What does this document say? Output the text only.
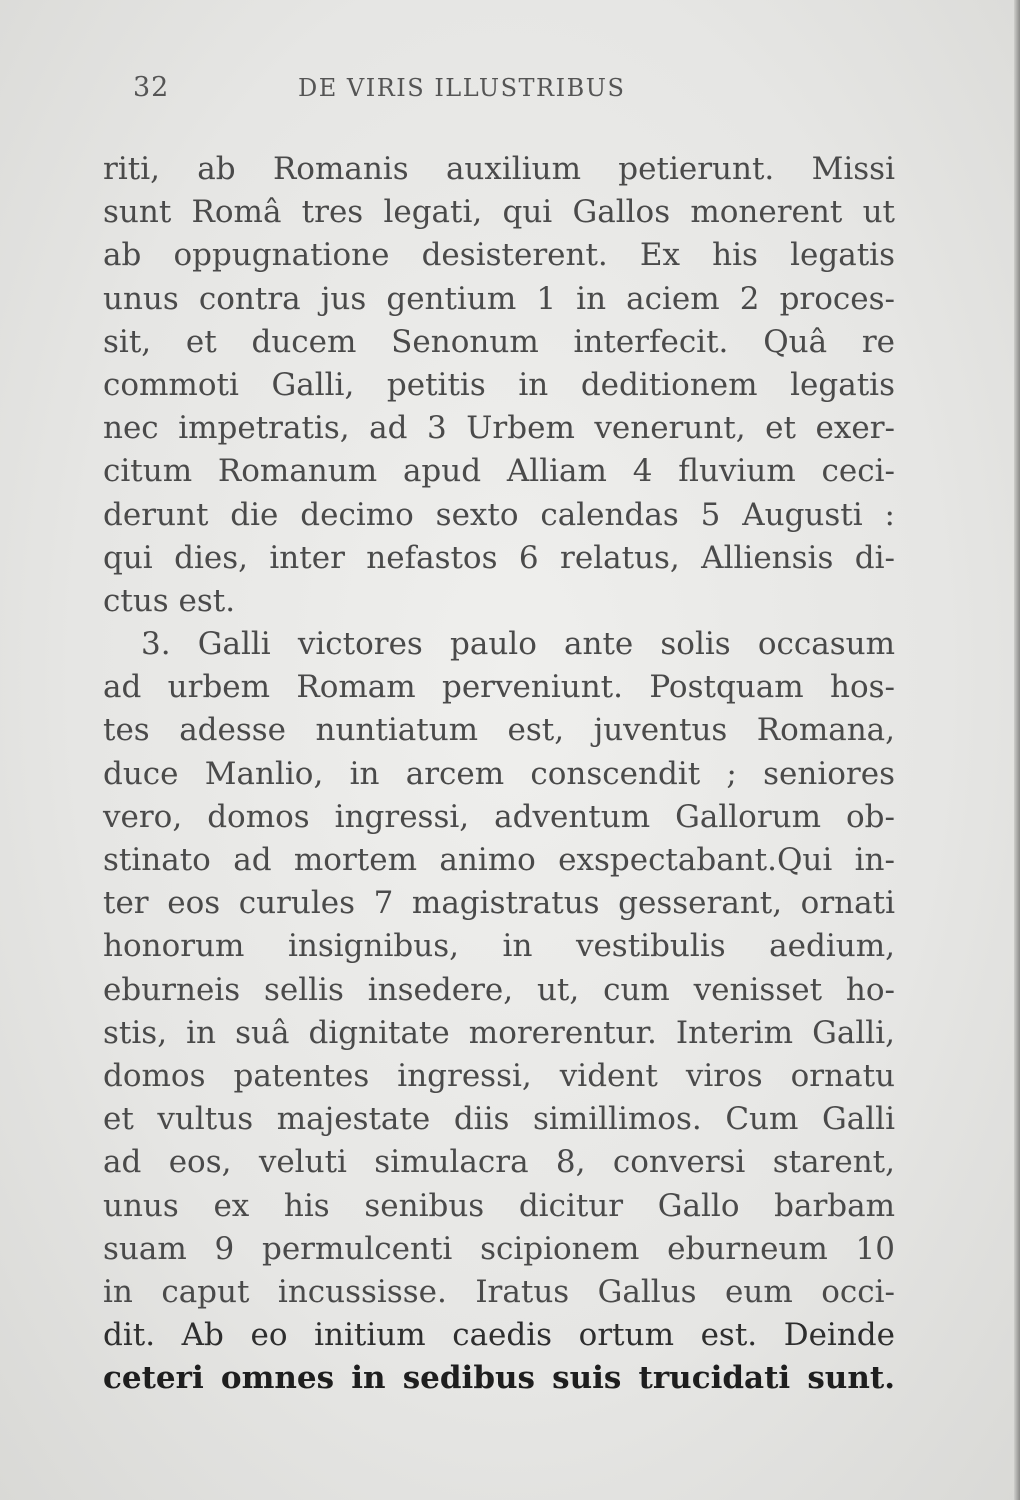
32	DE VIRIS ILLUSTRIBUS
riti, ab Romanis auxilium petierunt. Missi
sunt Româ tres legati, qui Gallos monerent ut
ab oppugnatione desisterent. Ex his legatis
unus contra jus gentium 1 in aciem 2 proces-
sit, et ducem Senonum interfecit. Quâ re
commoti Galli, petitis in deditionem legatis
nec impetratis, ad 3 Urbem venerunt, et exer-
citum Romanum apud Alliam 4 fluvium ceci-
derunt die decimo sexto calendas 5 Augusti :
qui dies, inter nefastos 6 relatus, Alliensis di-
ctus est.
3. Galli victores paulo ante solis occasum
ad urbem Romam perveniunt. Postquam hos-
tes adesse nuntiatum est, juventus Romana,
duce Manlio, in arcem conscendit ; seniores
vero, domos ingressi, adventum Gallorum ob-
stinato ad mortem animo exspectabant.Qui in-
ter eos curules 7 magistratus gesserant, ornati
honorum insignibus, in vestibulis aedium,
eburneis sellis insedere, ut, cum venisset ho-
stis, in suâ dignitate morerentur. Interim Galli,
domos patentes ingressi, vident viros ornatu
et vultus majestate diis simillimos. Cum Galli
ad eos, veluti simulacra 8, conversi starent,
unus ex his senibus dicitur Gallo barbam
suam 9 permulcenti scipionem eburneum 10
in caput incussisse. Iratus Gallus eum occi-
dit. Ab eo initium caedis ortum est. Deinde
ceteri omnes in sedibus suis trucidati sunt.
